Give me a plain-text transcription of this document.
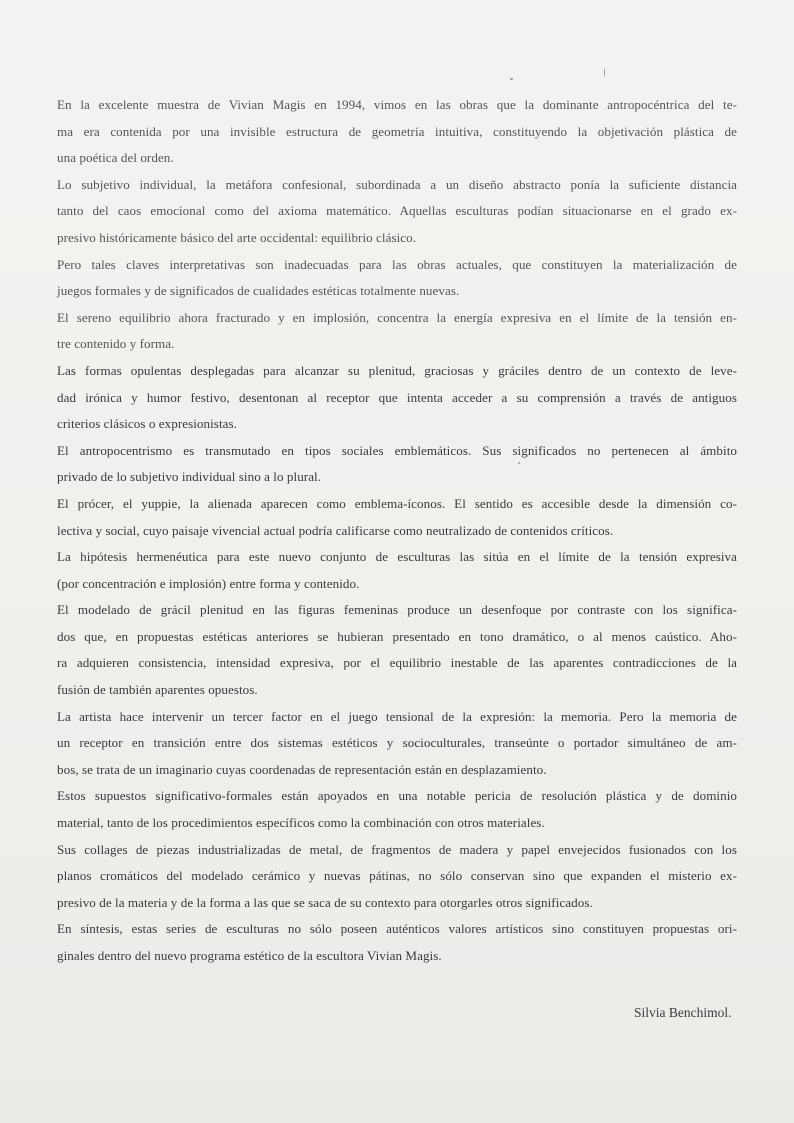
En la excelente muestra de Vivian Magis en 1994, vimos en las obras que la dominante antropocéntrica del te-
ma era contenida por una invisible estructura de geometría intuitiva, constituyendo la objetivación plástica de
una poética del orden.
Lo subjetivo individual, la metáfora confesional, subordinada a un diseño abstracto ponía la suficiente distancia
tanto del caos emocional como del axioma matemático. Aquellas esculturas podían situacionarse en el grado ex-
presivo históricamente básico del arte occidental: equilibrio clásico.
Pero tales claves interpretativas son inadecuadas para las obras actuales, que constituyen la materialización de
juegos formales y de significados de cualidades estéticas totalmente nuevas.
El sereno equilibrio ahora fracturado y en implosión, concentra la energía expresiva en el límite de la tensión en-
tre contenido y forma.
Las formas opulentas desplegadas para alcanzar su plenitud, graciosas y gráciles dentro de un contexto de leve-
dad irónica y humor festivo, desentonan al receptor que intenta acceder a su comprensión a través de antiguos
criterios clásicos o expresionistas.
El antropocentrismo es transmutado en tipos sociales emblemáticos. Sus significados no pertenecen al ámbito
privado de lo subjetivo individual sino a lo plural.
El prócer, el yuppie, la alienada aparecen como emblema-íconos. El sentido es accesible desde la dimensión co-
lectiva y social, cuyo paisaje vivencial actual podría calificarse como neutralizado de contenidos críticos.
La hipótesis hermenéutica para este nuevo conjunto de esculturas las sitúa en el límite de la tensión expresiva
(por concentración e implosión) entre forma y contenido.
El modelado de grácil plenitud en las figuras femeninas produce un desenfoque por contraste con los significa-
dos que, en propuestas estéticas anteriores se hubieran presentado en tono dramático, o al menos caústico. Aho-
ra adquieren consistencia, intensidad expresiva, por el equilibrio inestable de las aparentes contradicciones de la
fusión de también aparentes opuestos.
La artista hace intervenir un tercer factor en el juego tensional de la expresión: la memoria. Pero la memoria de
un receptor en transición entre dos sistemas estéticos y socioculturales, transeúnte o portador simultáneo de am-
bos, se trata de un imaginario cuyas coordenadas de representación están en desplazamiento.
Estos supuestos significativo-formales están apoyados en una notable pericia de resolución plástica y de dominio
material, tanto de los procedimientos específicos como la combinación con otros materiales.
Sus collages de piezas industrializadas de metal, de fragmentos de madera y papel envejecidos fusionados con los
planos cromáticos del modelado cerámico y nuevas pátinas, no sólo conservan sino que expanden el misterio ex-
presivo de la materia y de la forma a las que se saca de su contexto para otorgarles otros significados.
En síntesis, estas series de esculturas no sólo poseen auténticos valores artísticos sino constituyen propuestas ori-
ginales dentro del nuevo programa estético de la escultora Vivian Magis.
Silvia Benchimol.
